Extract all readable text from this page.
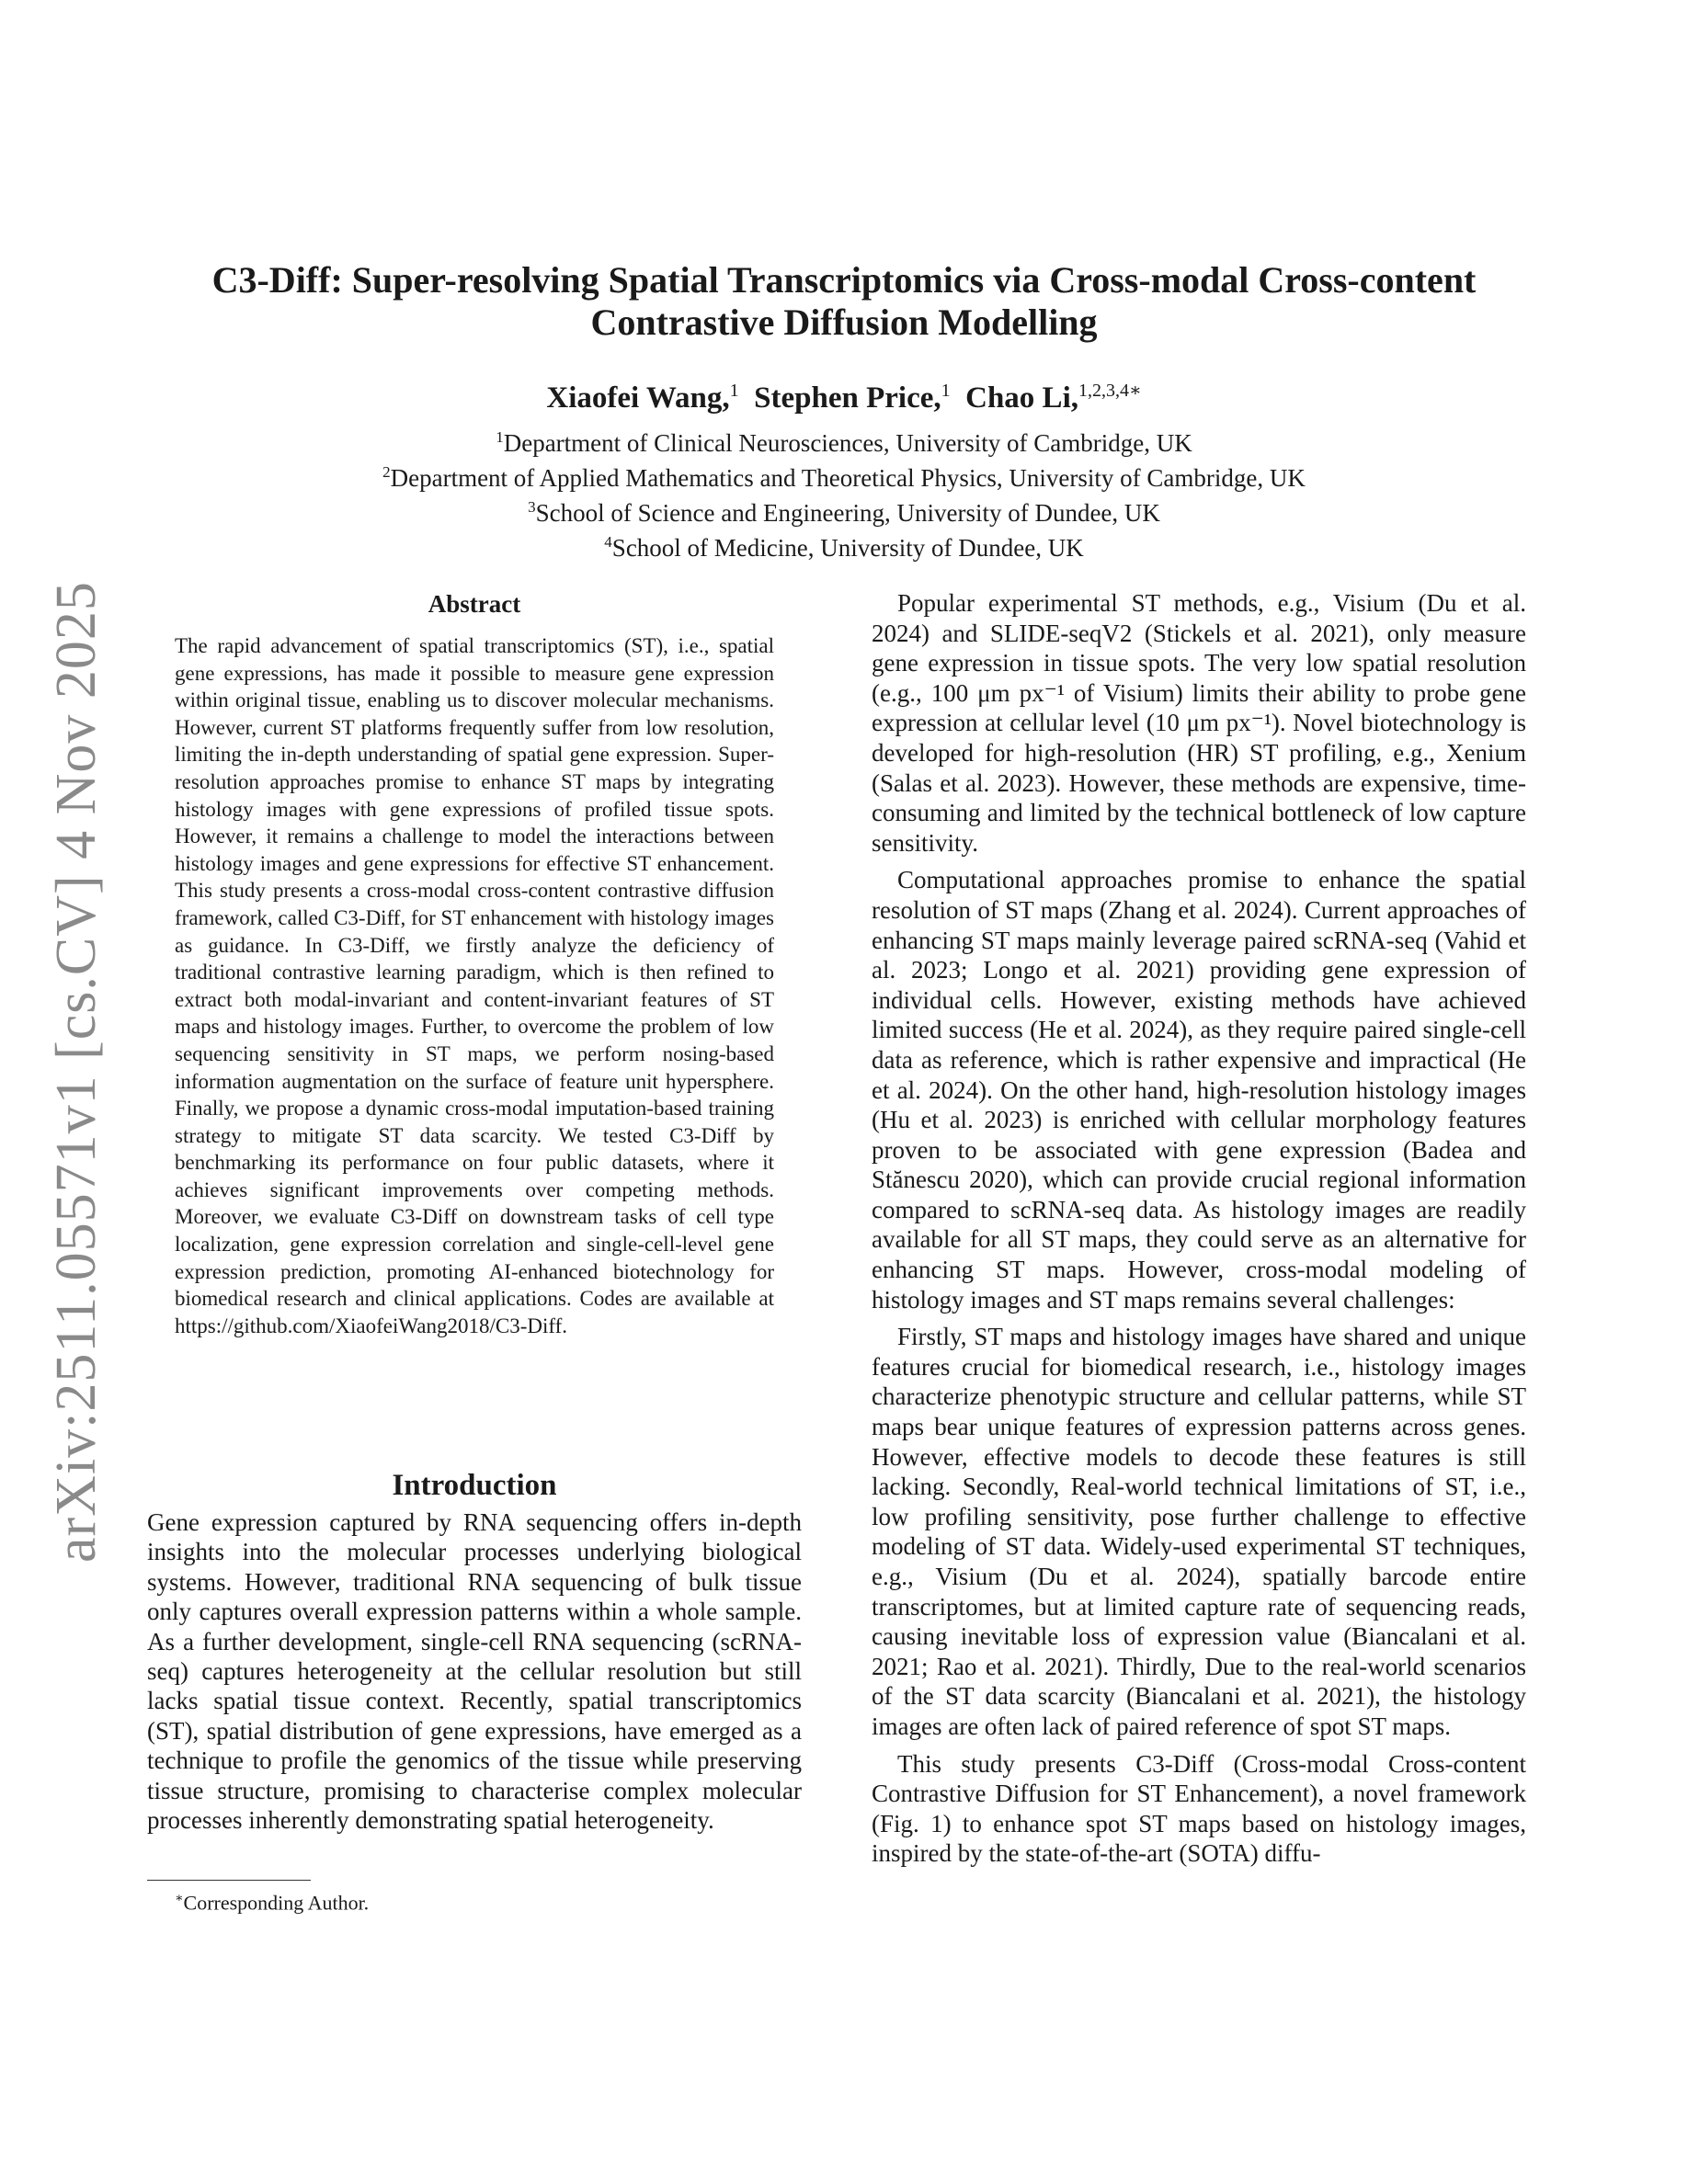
arXiv:2511.05571v1 [cs.CV] 4 Nov 2025
C3-Diff: Super-resolving Spatial Transcriptomics via Cross-modal Cross-content Contrastive Diffusion Modelling
Xiaofei Wang,$^1$ Stephen Price,$^1$ Chao Li,$^{1,2,3,4∗}$
$^1$Department of Clinical Neurosciences, University of Cambridge, UK
$^2$Department of Applied Mathematics and Theoretical Physics, University of Cambridge, UK
$^3$School of Science and Engineering, University of Dundee, UK
$^4$School of Medicine, University of Dundee, UK
Abstract

The rapid advancement of spatial transcriptomics (ST), i.e., spatial gene expressions, has made it possible to measure gene expression within original tissue, enabling us to discover molecular mechanisms. However, current ST platforms frequently suffer from low resolution, limiting the in-depth understanding of spatial gene expression. Super-resolution approaches promise to enhance ST maps by integrating histology images with gene expressions of profiled tissue spots. However, it remains a challenge to model the interactions between histology images and gene expressions for effective ST enhancement. This study presents a cross-modal cross-content contrastive diffusion framework, called C3-Diff, for ST enhancement with histology images as guidance. In C3-Diff, we firstly analyze the deficiency of traditional contrastive learning paradigm, which is then refined to extract both modal-invariant and content-invariant features of ST maps and histology images. Further, to overcome the problem of low sequencing sensitivity in ST maps, we perform nosing-based information augmentation on the surface of feature unit hypersphere. Finally, we propose a dynamic cross-modal imputation-based training strategy to mitigate ST data scarcity. We tested C3-Diff by benchmarking its performance on four public datasets, where it achieves significant improvements over competing methods. Moreover, we evaluate C3-Diff on downstream tasks of cell type localization, gene expression correlation and single-cell-level gene expression prediction, promoting AI-enhanced biotechnology for biomedical research and clinical applications. Codes are available at https://github.com/XiaofeiWang2018/C3-Diff.

Introduction

Gene expression captured by RNA sequencing offers in-depth insights into the molecular processes underlying biological systems. However, traditional RNA sequencing of bulk tissue only captures overall expression patterns within a whole sample. As a further development, single-cell RNA sequencing (scRNA-seq) captures heterogeneity at the cellular resolution but still lacks spatial tissue context. Recently, spatial transcriptomics (ST), spatial distribution of gene expressions, have emerged as a technique to profile the genomics of the tissue while preserving tissue structure, promising to characterise complex molecular processes inherently demonstrating spatial heterogeneity.

∗Corresponding Author.

Popular experimental ST methods, e.g., Visium (Du et al. 2024) and SLIDE-seqV2 (Stickels et al. 2021), only measure gene expression in tissue spots. The very low spatial resolution (e.g., 100 μm px⁻¹ of Visium) limits their ability to probe gene expression at cellular level (10 μm px⁻¹). Novel biotechnology is developed for high-resolution (HR) ST profiling, e.g., Xenium (Salas et al. 2023). However, these methods are expensive, time-consuming and limited by the technical bottleneck of low capture sensitivity.

Computational approaches promise to enhance the spatial resolution of ST maps (Zhang et al. 2024). Current approaches of enhancing ST maps mainly leverage paired scRNA-seq (Vahid et al. 2023; Longo et al. 2021) providing gene expression of individual cells. However, existing methods have achieved limited success (He et al. 2024), as they require paired single-cell data as reference, which is rather expensive and impractical (He et al. 2024). On the other hand, high-resolution histology images (Hu et al. 2023) is enriched with cellular morphology features proven to be associated with gene expression (Badea and Stănescu 2020), which can provide crucial regional information compared to scRNA-seq data. As histology images are readily available for all ST maps, they could serve as an alternative for enhancing ST maps. However, cross-modal modeling of histology images and ST maps remains several challenges:

Firstly, ST maps and histology images have shared and unique features crucial for biomedical research, i.e., histology images characterize phenotypic structure and cellular patterns, while ST maps bear unique features of expression patterns across genes. However, effective models to decode these features is still lacking. Secondly, Real-world technical limitations of ST, i.e., low profiling sensitivity, pose further challenge to effective modeling of ST data. Widely-used experimental ST techniques, e.g., Visium (Du et al. 2024), spatially barcode entire transcriptomes, but at limited capture rate of sequencing reads, causing inevitable loss of expression value (Biancalani et al. 2021; Rao et al. 2021). Thirdly, Due to the real-world scenarios of the ST data scarcity (Biancalani et al. 2021), the histology images are often lack of paired reference of spot ST maps.

This study presents C3-Diff (Cross-modal Cross-content Contrastive Diffusion for ST Enhancement), a novel framework (Fig. 1) to enhance spot ST maps based on histology images, inspired by the state-of-the-art (SOTA) diffu-
